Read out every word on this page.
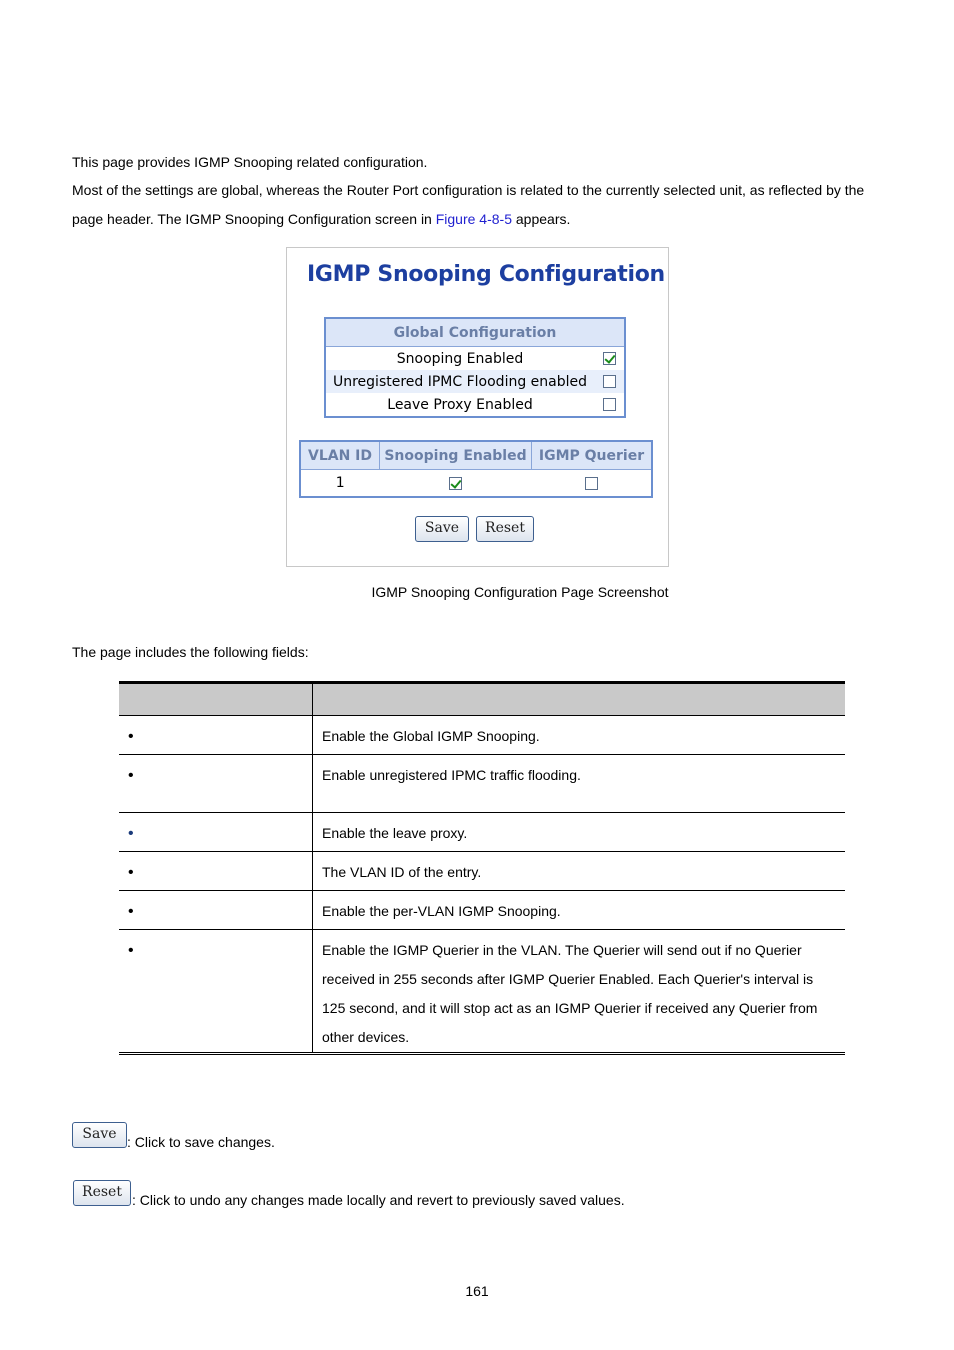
This page provides IGMP Snooping related configuration.

Most of the settings are global, whereas the Router Port configuration is related to the currently selected unit, as reflected by the

page header. The IGMP Snooping Configuration screen in Figure 4-8-5 appears.

IGMP Snooping Configuration
Global Configuration	
Snooping Enabled	
Unregistered IPMC Flooding enabled	
Leave Proxy Enabled	
VLAN ID	Snooping Enabled	IGMP Querier
1		
Save	Reset

IGMP Snooping Configuration Page Screenshot

The page includes the following fields:

•	Enable the Global IGMP Snooping.
•	Enable unregistered IPMC traffic flooding.
•	Enable the leave proxy.
•	The VLAN ID of the entry.
•	Enable the per-VLAN IGMP Snooping.
•	Enable the IGMP Querier in the VLAN. The Querier will send out if no Querier received in 255 seconds after IGMP Querier Enabled. Each Querier's interval is 125 second, and it will stop act as an IGMP Querier if received any Querier from other devices.
Save : Click to save changes.

Reset : Click to undo any changes made locally and revert to previously saved values.

161
